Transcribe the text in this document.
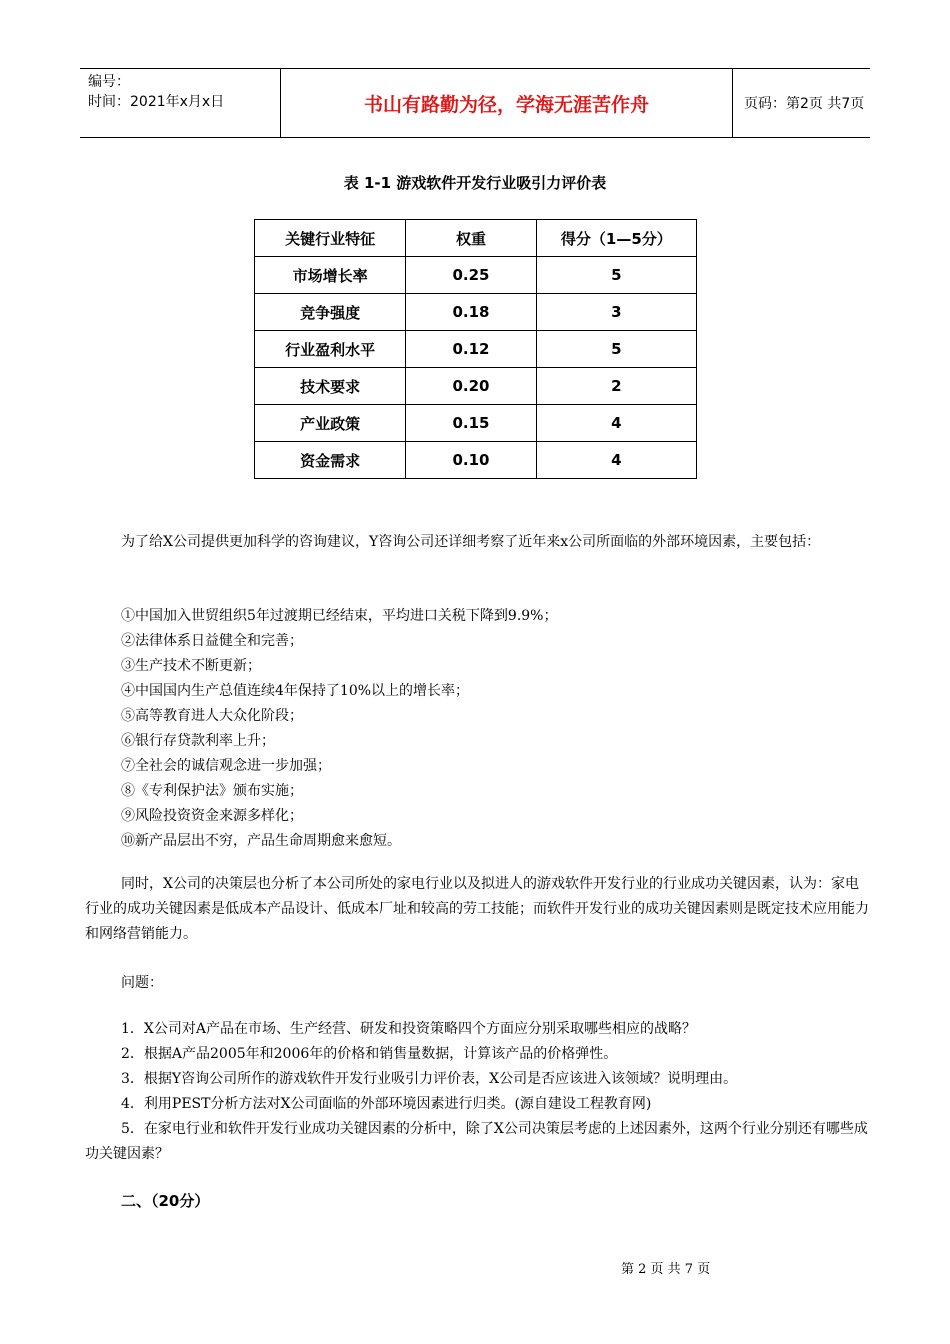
编号：
时间：2021年x月x日	书山有路勤为径，学海无涯苦作舟	页码：第2页 共7页
表 1-1 游戏软件开发行业吸引力评价表
关键行业特征	权重	得分（1—5分）
市场增长率	0.25	5
竞争强度	0.18	3
行业盈利水平	0.12	5
技术要求	0.20	2
产业政策	0.15	4
资金需求	0.10	4

为了给X公司提供更加科学的咨询建议，Y咨询公司还详细考察了近年来x公司所面临的外部环境因素，主要包括：

①中国加入世贸组织5年过渡期已经结束，平均进口关税下降到9.9%；
②法律体系日益健全和完善；
③生产技术不断更新；
④中国国内生产总值连续4年保持了10%以上的增长率；
⑤高等教育进人大众化阶段；
⑥银行存贷款利率上升；
⑦全社会的诚信观念进一步加强；
⑧《专利保护法》颁布实施；
⑨风险投资资金来源多样化；
⑩新产品层出不穷，产品生命周期愈来愈短。

同时，X公司的决策层也分析了本公司所处的家电行业以及拟进人的游戏软件开发行业的行业成功关键因素，认为：家电行业的成功关键因素是低成本产品设计、低成本厂址和较高的劳工技能；而软件开发行业的成功关键因素则是既定技术应用能力和网络营销能力。

问题：
1．X公司对A产品在市场、生产经营、研发和投资策略四个方面应分别采取哪些相应的战略？
2．根据A产品2005年和2006年的价格和销售量数据，计算该产品的价格弹性。
3．根据Y咨询公司所作的游戏软件开发行业吸引力评价表，X公司是否应该进入该领域？说明理由。
4．利用PEST分析方法对X公司面临的外部环境因素进行归类。(源自建设工程教育网)
5．在家电行业和软件开发行业成功关键因素的分析中，除了X公司决策层考虑的上述因素外，这两个行业分别还有哪些成功关键因素？
二、（20分）
第 2 页 共 7 页
